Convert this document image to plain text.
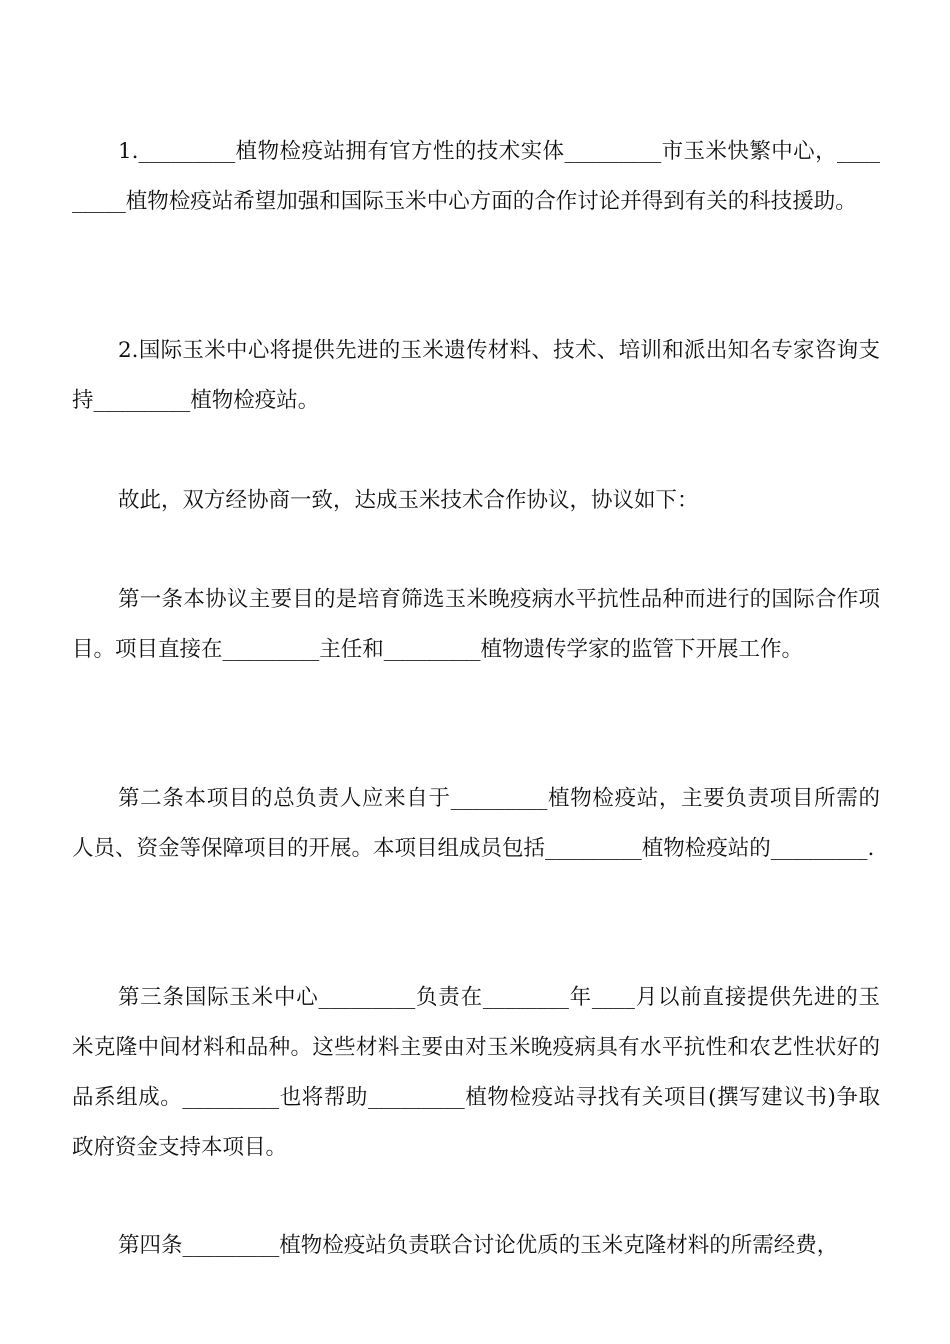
1._________植物检疫站拥有官方性的技术实体_________市玉米快繁中心，_________植物检疫站希望加强和国际玉米中心方面的合作讨论并得到有关的科技援助。

2.国际玉米中心将提供先进的玉米遗传材料、技术、培训和派出知名专家咨询支持_________植物检疫站。

故此，双方经协商一致，达成玉米技术合作协议，协议如下：

第一条本协议主要目的是培育筛选玉米晚疫病水平抗性品种而进行的国际合作项目。项目直接在_________主任和_________植物遗传学家的监管下开展工作。

第二条本项目的总负责人应来自于_________植物检疫站，主要负责项目所需的人员、资金等保障项目的开展。本项目组成员包括_________植物检疫站的_________.

第三条国际玉米中心_________负责在________年____月以前直接提供先进的玉米克隆中间材料和品种。这些材料主要由对玉米晚疫病具有水平抗性和农艺性状好的品系组成。_________也将帮助_________植物检疫站寻找有关项目(撰写建议书)争取政府资金支持本项目。

第四条_________植物检疫站负责联合讨论优质的玉米克隆材料的所需经费，
